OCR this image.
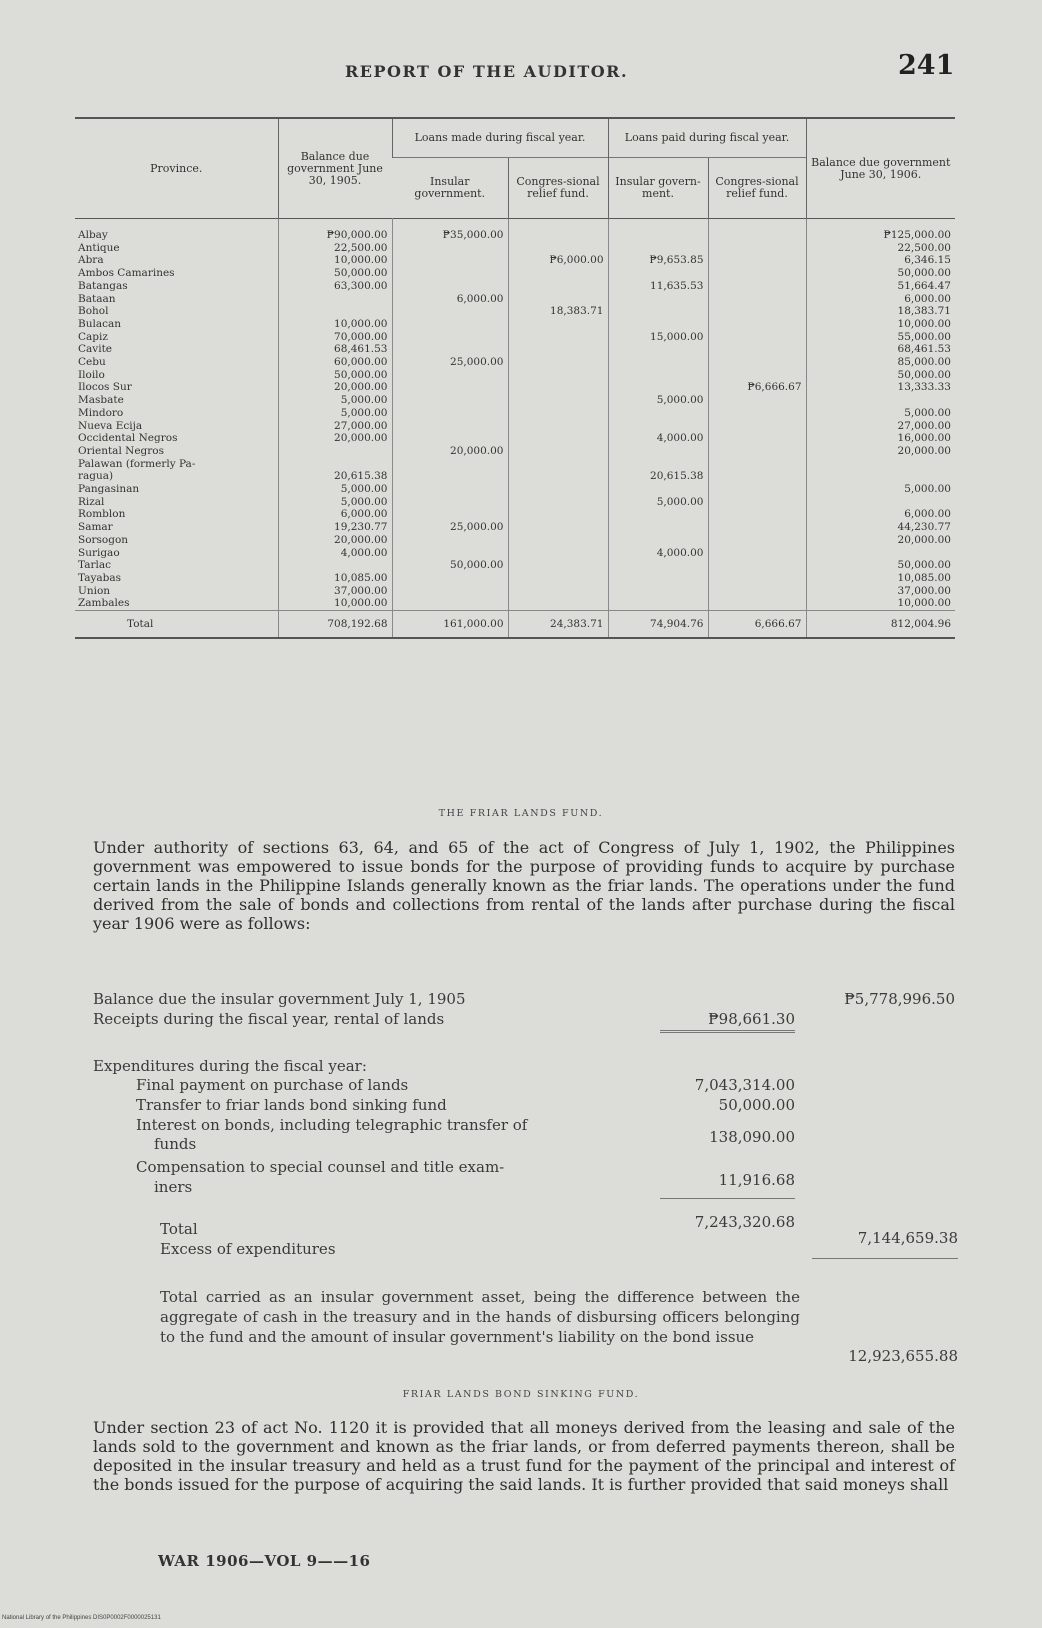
REPORT OF THE AUDITOR.	241
Province.	Balance due government June 30, 1905.	Loans made during fiscal year.		Loans paid during fiscal year.		Balance due government June 30, 1906.
		Insular government.	Congres-sional relief fund.	Insular govern-ment.	Congres-sional relief fund.	
Albay	₱90,000.00	₱35,000.00				₱125,000.00
Antique	22,500.00					22,500.00
Abra	10,000.00		₱6,000.00	₱9,653.85		6,346.15
Ambos Camarines	50,000.00					50,000.00
Batangas	63,300.00			11,635.53		51,664.47
Bataan		6,000.00				6,000.00
Bohol			18,383.71			18,383.71
Bulacan	10,000.00					10,000.00
Capiz	70,000.00			15,000.00		55,000.00
Cavite	68,461.53					68,461.53
Cebu	60,000.00	25,000.00				85,000.00
Iloilo	50,000.00					50,000.00
Ilocos Sur	20,000.00				₱6,666.67	13,333.33
Masbate	5,000.00			5,000.00		
Mindoro	5,000.00					5,000.00
Nueva Ecija	27,000.00					27,000.00
Occidental Negros	20,000.00			4,000.00		16,000.00
Oriental Negros		20,000.00				20,000.00
Palawan (formerly Pa-						
ragua)	20,615.38			20,615.38		
Pangasinan	5,000.00					5,000.00
Rizal	5,000.00			5,000.00		
Romblon	6,000.00					6,000.00
Samar	19,230.77	25,000.00				44,230.77
Sorsogon	20,000.00					20,000.00
Surigao	4,000.00			4,000.00		
Tarlac		50,000.00				50,000.00
Tayabas	10,085.00					10,085.00
Union	37,000.00					37,000.00
Zambales	10,000.00					10,000.00
Total	708,192.68	161,000.00	24,383.71	74,904.76	6,666.67	812,004.96
THE FRIAR LANDS FUND.
Under authority of sections 63, 64, and 65 of the act of Congress of July 1, 1902, the Philippines government was empowered to issue bonds for the purpose of providing funds to acquire by purchase certain lands in the Philippine Islands generally known as the friar lands. The operations under the fund derived from the sale of bonds and collections from rental of the lands after purchase during the fiscal year 1906 were as follows:
Balance due the insular government July 1, 1905	₱5,778,996.50
Receipts during the fiscal year, rental of lands	₱98,661.30
Expenditures during the fiscal year:
Final payment on purchase of lands	7,043,314.00
Transfer to friar lands bond sinking fund	50,000.00
Interest on bonds, including telegraphic transfer of
funds	138,090.00
Compensation to special counsel and title exam-
iners	11,916.68
Total	7,243,320.68
Excess of expenditures
7,144,659.38
Total carried as an insular government asset, being the difference between the aggregate of cash in the treasury and in the hands of disbursing officers belonging to the fund and the amount of insular government's liability on the bond issue
12,923,655.88
FRIAR LANDS BOND SINKING FUND.
Under section 23 of act No. 1120 it is provided that all moneys derived from the leasing and sale of the lands sold to the government and known as the friar lands, or from deferred payments thereon, shall be deposited in the insular treasury and held as a trust fund for the payment of the principal and interest of the bonds issued for the purpose of acquiring the said lands. It is further provided that said moneys shall
WAR 1906—VOL 9——16
National Library of the Philippines DIS0P0002F0000025131
